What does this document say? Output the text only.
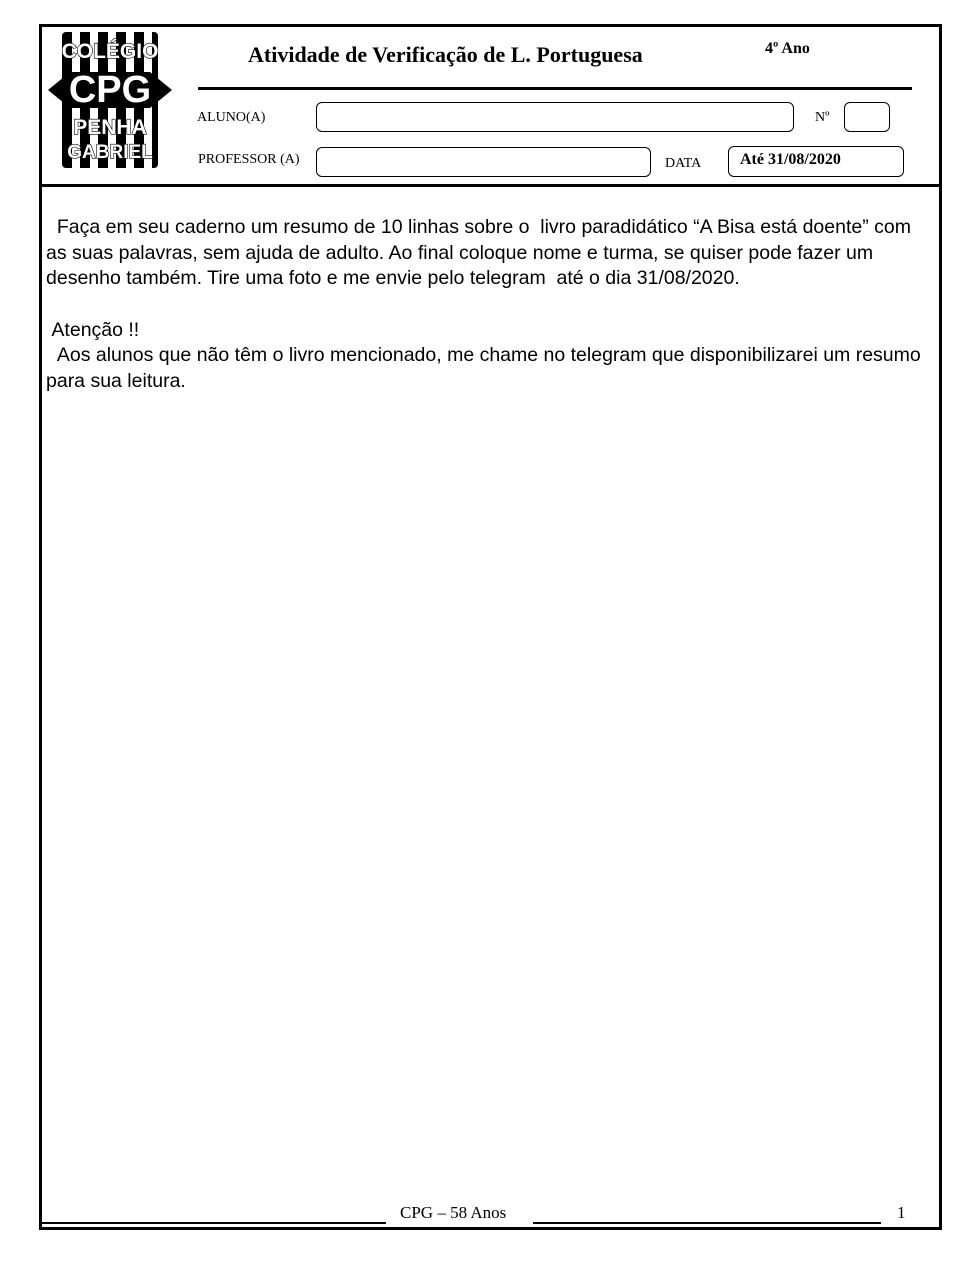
COLÉGIO
CPG
PENHA
GABRIEL
Atividade de Verificação de L. Portuguesa	4º Ano
ALUNO(A)	Nº
PROFESSOR (A)	DATA Até 31/08/2020

Faça em seu caderno um resumo de 10 linhas sobre o  livro paradidático “A Bisa está doente” com as suas palavras, sem ajuda de adulto. Ao final coloque nome e turma, se quiser pode fazer um desenho também. Tire uma foto e me envie pelo telegram  até o dia 31/08/2020.

Atenção !!

Aos alunos que não têm o livro mencionado, me chame no telegram que disponibilizarei um resumo para sua leitura.

CPG – 58 Anos	1
